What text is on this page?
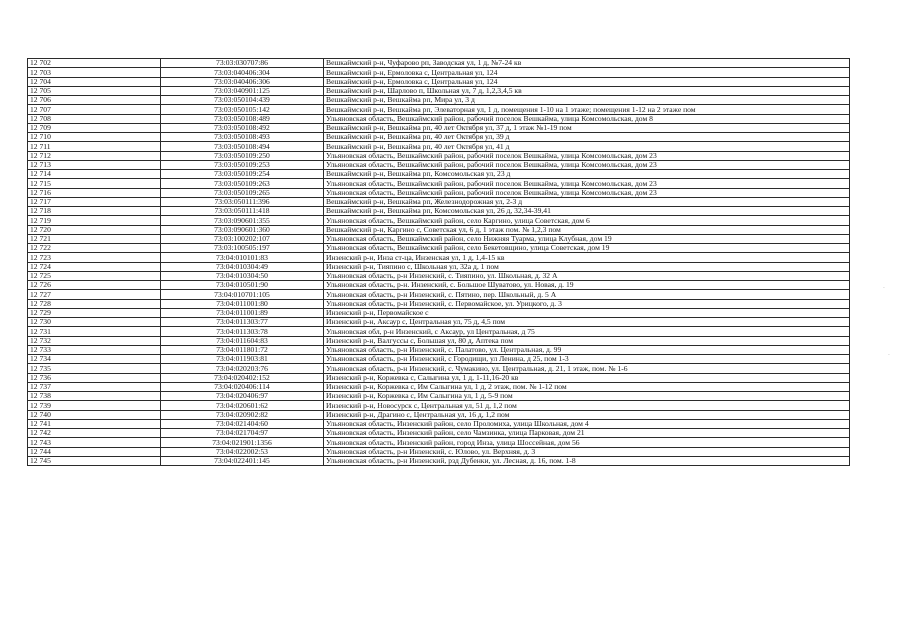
12 702	73:03:030707:86	Вешкаймский р-н, Чуфарово рп, Заводская ул, 1 д, №7-24 кв
12 703	73:03:040406:304	Вешкаймский р-н, Ермоловка с, Центральная ул, 124
12 704	73:03:040406:306	Вешкаймский р-н, Ермоловка с, Центральная ул, 124
12 705	73:03:040901:125	Вешкаймский р-н, Шарлово п, Школьная ул, 7 д, 1,2,3,4,5 кв
12 706	73:03:050104:439	Вешкаймский р-н, Вешкайма рп, Мира ул, 3 д
12 707	73:03:050105:142	Вешкаймский р-н, Вешкайма рп, Элеваторная ул, 1 д, помещения 1-10 на 1 этаже; помещения 1-12 на 2 этаже пом
12 708	73:03:050108:489	Ульяновская область, Вешкаймский район, рабочий поселок Вешкайма, улица Комсомольская, дом 8
12 709	73:03:050108:492	Вешкаймский р-н, Вешкайма рп, 40 лет Октября ул, 37 д, 1 этаж №1-19 пом
12 710	73:03:050108:493	Вешкаймский р-н, Вешкайма рп, 40 лет Октября ул, 39 д
12 711	73:03:050108:494	Вешкаймский р-н, Вешкайма рп, 40 лет Октября ул, 41 д
12 712	73:03:050109:250	Ульяновская область, Вешкаймский район, рабочий поселок Вешкайма, улица Комсомольская, дом 23
12 713	73:03:050109:253	Ульяновская область, Вешкаймский район, рабочий поселок Вешкайма, улица Комсомольская, дом 23
12 714	73:03:050109:254	Вешкаймский р-н, Вешкайма рп, Комсомольская ул, 23 д
12 715	73:03:050109:263	Ульяновская область, Вешкаймский район, рабочий поселок Вешкайма, улица Комсомольская, дом 23
12 716	73:03:050109:265	Ульяновская область, Вешкаймский район, рабочий поселок Вешкайма, улица Комсомольская, дом 23
12 717	73:03:050111:396	Вешкаймский р-н, Вешкайма рп, Железнодорожная ул, 2-3 д
12 718	73:03:050111:418	Вешкаймский р-н, Вешкайма рп, Комсомольская ул, 26 д, 32,34-39,41
12 719	73:03:090601:355	Ульяновская область, Вешкаймский район, село Каргино, улица Советская, дом 6
12 720	73:03:090601:360	Вешкаймский р-н, Каргино с, Советская ул, 6 д, 1 этаж пом. № 1,2,3 пом
12 721	73:03:100202:107	Ульяновская область, Вешкаймский район, село Нижняя Туарма, улица Клубная, дом 19
12 722	73:03:100505:197	Ульяновская область, Вешкаймский район, село Бекетовщино, улица Советская, дом 19
12 723	73:04:010101:83	Инзенский р-н, Инза ст-ца, Инзенская ул, 1 д, 1,4-15 кв
12 724	73:04:010304:49	Инзенский р-н, Тияпино с, Школьная ул, 32а д, 1 пом
12 725	73:04:010304:50	Ульяновская область, р-н Инзенский, с. Тияпино, ул. Школьная, д. 32 А
12 726	73:04:010501:90	Ульяновская область, р-н. Инзенский, с. Большое Шуватово, ул. Новая, д. 19
12 727	73:04:010701:105	Ульяновская область, р-н Инзенский, с. Пятино, пер. Школьный, д. 5 А
12 728	73:04:011001:80	Ульяновская область, р-н Инзенский, с. Первомайское, ул. Урицкого, д. 3
12 729	73:04:011001:89	Инзенский р-н, Первомайское с
12 730	73:04:011303:77	Инзенский р-н, Аксаур с, Центральная ул, 75 д, 4,5 пом
12 731	73:04:011303:78	Ульяновская обл, р-н Инзенский, с Аксаур, ул Центральная, д 75
12 732	73:04:011604:83	Инзенский р-н, Валгуссы с, Большая ул, 80 д, Аптека пом
12 733	73:04:011801:72	Ульяновская область, р-н Инзенский, с. Палатово, ул. Центральная, д. 99
12 734	73:04:011903:81	Ульяновская область, р-н Инзенский, с Городищи, ул Ленина, д 25, пом 1-3
12 735	73:04:020203:76	Ульяновская область, р-н Инзенский, с. Чумакино, ул. Центральная, д. 21, 1 этаж, пом. № 1-6
12 736	73:04:020402:152	Инзенский р-н, Коржевка с, Салыгина ул, 1 д, 1-11,16-20 кв
12 737	73:04:020406:114	Инзенский р-н, Коржевка с, Им Салыгина ул, 1 д, 2 этаж, пом. № 1-12 пом
12 738	73:04:020406:97	Инзенский р-н, Коржевка с, Им Салыгина ул, 1 д, 5-9 пом
12 739	73:04:020601:62	Инзенский р-н, Новосурск с, Центральная ул, 51 д, 1,2 пом
12 740	73:04:020902:82	Инзенский р-н, Драгино с, Центральная ул, 16 д, 1,2 пом
12 741	73:04:021404:60	Ульяновская область, Инзенский район, село Проломиха, улица Школьная, дом 4
12 742	73:04:021704:97	Ульяновская область, Инзенский район, село Чамзинка, улица Парковая, дом 21
12 743	73:04:021901:1356	Ульяновская область, Инзенский район, город Инза, улица Шоссейная, дом 56
12 744	73:04:022002:53	Ульяновская область, р-н Инзенский, с. Юлово, ул. Верхняя, д. 3
12 745	73:04:022401:145	Ульяновская область, р-н Инзенский, рзд Дубенки, ул. Лесная, д. 16, пом. 1-8
·
·
